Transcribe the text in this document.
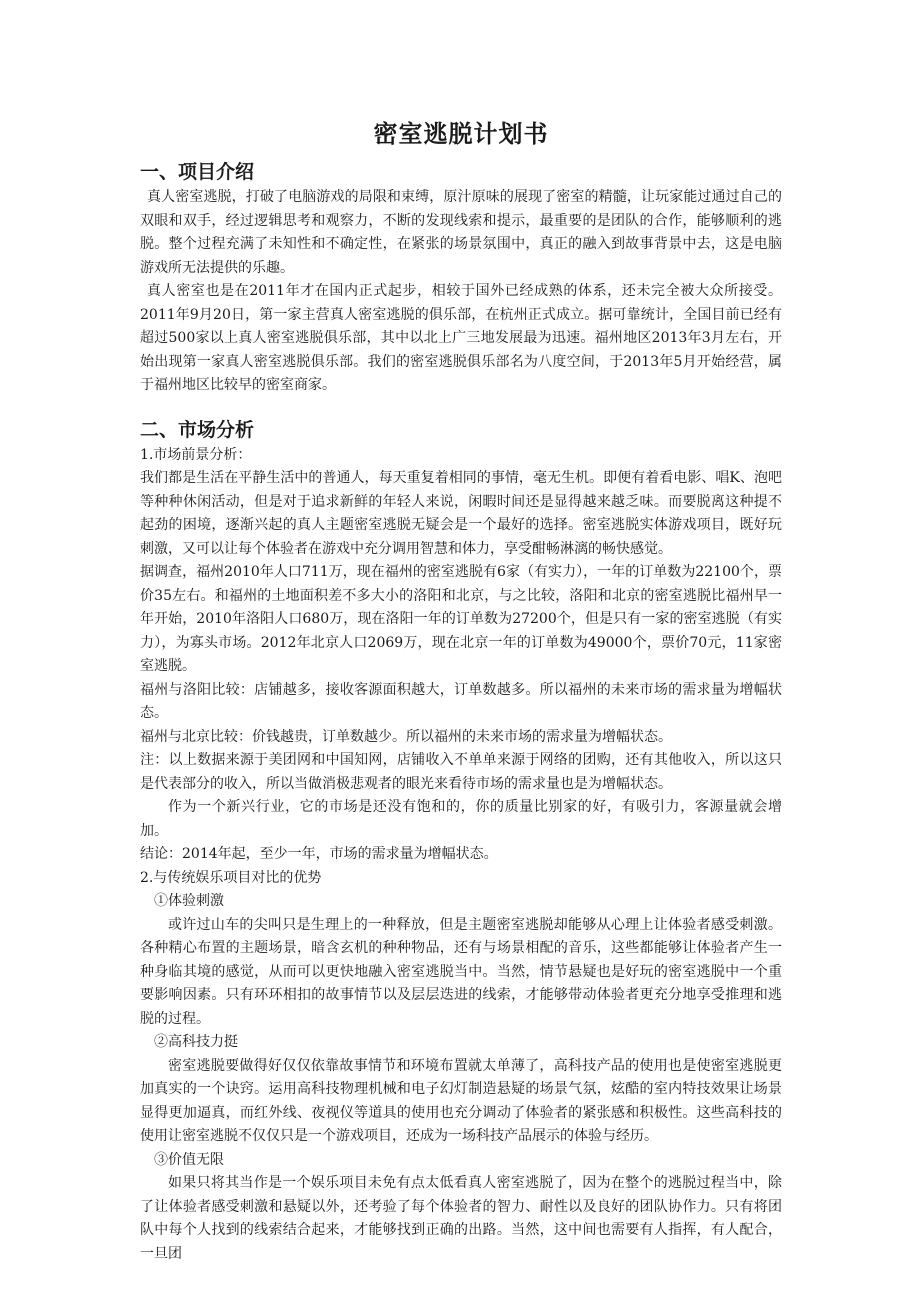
密室逃脱计划书
一、项目介绍

真人密室逃脱，打破了电脑游戏的局限和束缚，原汁原味的展现了密室的精髓，让玩家能过通过自己的双眼和双手，经过逻辑思考和观察力，不断的发现线索和提示，最重要的是团队的合作，能够顺利的逃脱。整个过程充满了未知性和不确定性，在紧张的场景氛围中，真正的融入到故事背景中去，这是电脑游戏所无法提供的乐趣。

真人密室也是在2011年才在国内正式起步，相较于国外已经成熟的体系，还未完全被大众所接受。2011年9月20日，第一家主营真人密室逃脱的俱乐部，在杭州正式成立。据可靠统计，全国目前已经有超过500家以上真人密室逃脱俱乐部，其中以北上广三地发展最为迅速。福州地区2013年3月左右，开始出现第一家真人密室逃脱俱乐部。我们的密室逃脱俱乐部名为八度空间，于2013年5月开始经营，属于福州地区比较早的密室商家。

二、市场分析

1.市场前景分析：

我们都是生活在平静生活中的普通人，每天重复着相同的事情，毫无生机。即便有着看电影、唱K、泡吧等种种休闲活动，但是对于追求新鲜的年轻人来说，闲暇时间还是显得越来越乏味。而要脱离这种提不起劲的困境，逐渐兴起的真人主题密室逃脱无疑会是一个最好的选择。密室逃脱实体游戏项目，既好玩刺激，又可以让每个体验者在游戏中充分调用智慧和体力，享受酣畅淋漓的畅快感觉。

据调查，福州2010年人口711万，现在福州的密室逃脱有6家（有实力），一年的订单数为22100个，票价35左右。和福州的土地面积差不多大小的洛阳和北京，与之比较，洛阳和北京的密室逃脱比福州早一年开始，2010年洛阳人口680万，现在洛阳一年的订单数为27200个，但是只有一家的密室逃脱（有实力），为寡头市场。2012年北京人口2069万，现在北京一年的订单数为49000个，票价70元，11家密室逃脱。

福州与洛阳比较：店铺越多，接收客源面积越大，订单数越多。所以福州的未来市场的需求量为增幅状态。

福州与北京比较：价钱越贵，订单数越少。所以福州的未来市场的需求量为增幅状态。

注：以上数据来源于美团网和中国知网，店铺收入不单单来源于网络的团购，还有其他收入，所以这只是代表部分的收入，所以当做消极悲观者的眼光来看待市场的需求量也是为增幅状态。

作为一个新兴行业，它的市场是还没有饱和的，你的质量比别家的好，有吸引力，客源量就会增加。

结论：2014年起，至少一年，市场的需求量为增幅状态。

2.与传统娱乐项目对比的优势

①体验刺激

或许过山车的尖叫只是生理上的一种释放，但是主题密室逃脱却能够从心理上让体验者感受刺激。各种精心布置的主题场景，暗含玄机的种种物品，还有与场景相配的音乐，这些都能够让体验者产生一种身临其境的感觉，从而可以更快地融入密室逃脱当中。当然，情节悬疑也是好玩的密室逃脱中一个重要影响因素。只有环环相扣的故事情节以及层层迭进的线索，才能够带动体验者更充分地享受推理和逃脱的过程。

②高科技力挺

密室逃脱要做得好仅仅依靠故事情节和环境布置就太单薄了，高科技产品的使用也是使密室逃脱更加真实的一个诀窍。运用高科技物理机械和电子幻灯制造悬疑的场景气氛，炫酷的室内特技效果让场景显得更加逼真，而红外线、夜视仪等道具的使用也充分调动了体验者的紧张感和积极性。这些高科技的使用让密室逃脱不仅仅只是一个游戏项目，还成为一场科技产品展示的体验与经历。

③价值无限

如果只将其当作是一个娱乐项目未免有点太低看真人密室逃脱了，因为在整个的逃脱过程当中，除了让体验者感受刺激和悬疑以外，还考验了每个体验者的智力、耐性以及良好的团队协作力。只有将团队中每个人找到的线索结合起来，才能够找到正确的出路。当然，这中间也需要有人指挥，有人配合，一旦团
